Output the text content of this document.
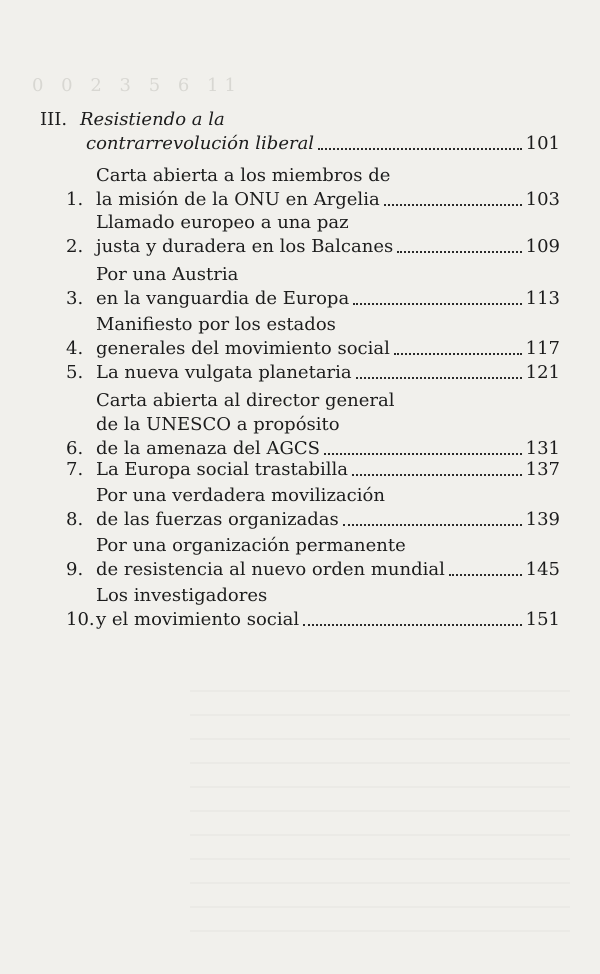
0 0 2 3 5 6 11
III. Resistiendo a la
contrarrevolución liberal	101
1.
Carta abierta a los miembros de
la misión de la ONU en Argelia	103
2.
Llamado europeo a una paz
justa y duradera en los Balcanes	109
3.
Por una Austria
en la vanguardia de Europa	113
4.
Manifiesto por los estados
generales del movimiento social	117
5. La nueva vulgata planetaria	121
6.
Carta abierta al director general
de la UNESCO a propósito
de la amenaza del AGCS	131
7. La Europa social trastabilla	137
8.
Por una verdadera movilización
de las fuerzas organizadas	139
9.
Por una organización permanente
de resistencia al nuevo orden mundial	145
10.
Los investigadores
y el movimiento social	151
